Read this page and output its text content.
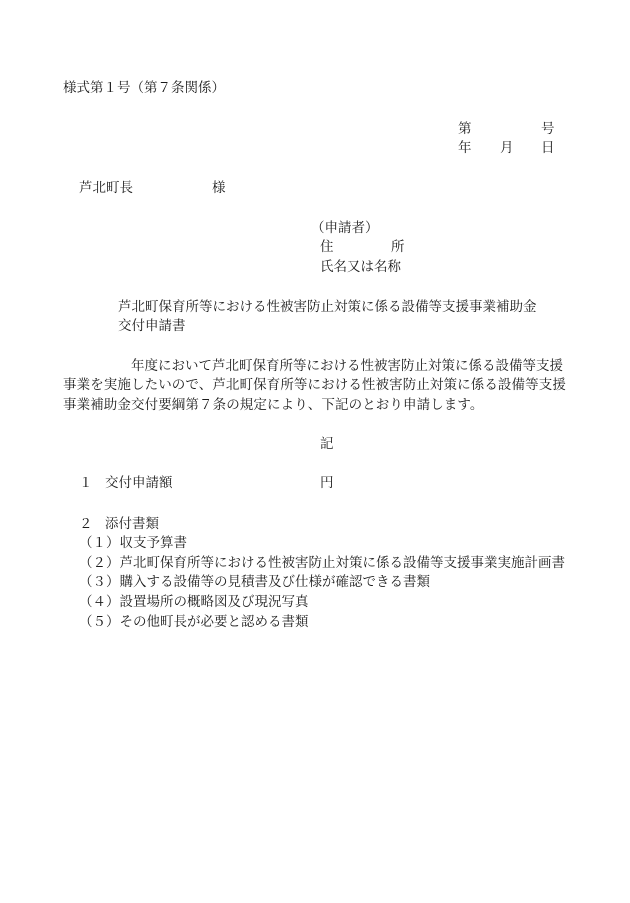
様式第１号（第７条関係）
第	号
年 月 日
芦北町長	様
（申請者）
住	所
氏名又は名称
芦北町保育所等における性被害防止対策に係る設備等支援事業補助金
交付申請書
年度において芦北町保育所等における性被害防止対策に係る設備等支援
事業を実施したいので、芦北町保育所等における性被害防止対策に係る設備等支援
事業補助金交付要綱第７条の規定により、下記のとおり申請します。
記
１ 交付申請額	円
２ 添付書類
（１）収支予算書
（２）芦北町保育所等における性被害防止対策に係る設備等支援事業実施計画書
（３）購入する設備等の見積書及び仕様が確認できる書類
（４）設置場所の概略図及び現況写真
（５）その他町長が必要と認める書類
